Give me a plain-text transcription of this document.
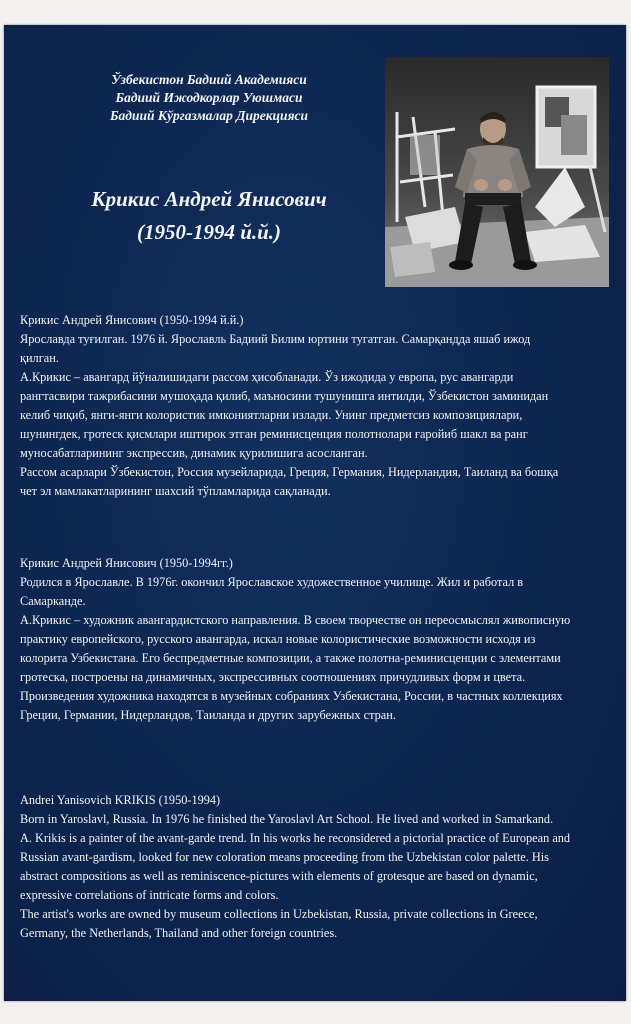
Ўзбекистон Бадиий Академияси
Бадиий Ижодкорлар Уюшмаси
Бадиий Кўргазмалар Дирекцияси
Крикис Андрей Янисович
(1950-1994 й.й.)

Крикис Андрей Янисович (1950-1994 й.й.)

Ярославда туғилган. 1976 й. Ярославль Бадиий Билим юртини тугатган. Самарқандда яшаб ижод

қилган.

А.Крикис – авангард йўналишидаги рассом ҳисобланади. Ўз ижодида у европа, рус авангарди

рангтасвири тажрибасини мушоҳада қилиб, маъносини тушунишга интилди, Ўзбекистон заминидан

келиб чиқиб, янги-янги колористик имкониятларни излади. Унинг предметсиз композициялари,

шунингдек, гротеск қисмлари иштирок этган реминисценция полотнолари ғаройиб шакл ва ранг

муносабатларининг экспрессив, динамик қурилишига асосланган.

Рассом асарлари Ўзбекистон, Россия музейларида, Греция, Германия, Нидерландия, Таиланд ва бошқа

чет эл мамлакатларининг шахсий тўпламларида сақланади.

Крикис Андрей Янисович (1950-1994гг.)

Родился в Ярославле. В 1976г. окончил Ярославское художественное училище. Жил и работал в

Самарканде.

А.Крикис – художник авангардистского направления. В своем творчестве он переосмыслял живописную

практику европейского, русского авангарда, искал новые колористические возможности исходя из

колорита Узбекистана. Его беспредметные композиции, а также полотна-реминисценции с элементами

гротеска, построены на динамичных, экспрессивных соотношениях причудливых форм и цвета.

Произведения художника находятся в музейных собраниях Узбекистана, России, в частных коллекциях

Греции, Германии, Нидерландов, Таиланда и других зарубежных стран.

Andrei Yanisovich KRIKIS (1950-1994)

Born in Yaroslavl, Russia. In 1976 he finished the Yaroslavl Art School. He lived and worked in Samarkand.

A. Krikis is a painter of the avant-garde trend. In his works he reconsidered a pictorial practice of European and

Russian avant-gardism, looked for new coloration means proceeding from the Uzbekistan color palette. His

abstract compositions as well as reminiscence-pictures with elements of grotesque are based on dynamic,

expressive correlations of intricate forms and colors.

The artist's works are owned by museum collections in Uzbekistan, Russia, private collections in Greece,

Germany, the Netherlands, Thailand and other foreign countries.
